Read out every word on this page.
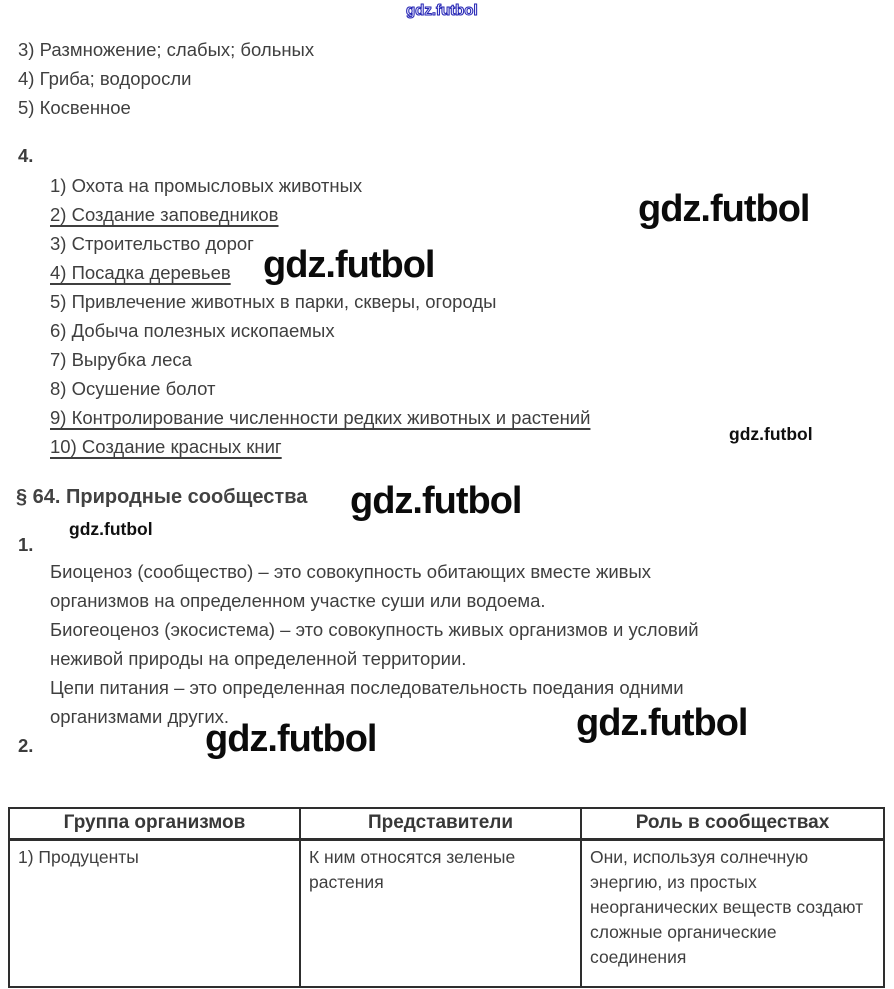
gdz.futbol
3) Размножение; слабых; больных
4) Гриба; водоросли
5) Косвенное
4.
1) Охота на промысловых животных
2) Создание заповедников
3) Строительство дорог
4) Посадка деревьев
5) Привлечение животных в парки, скверы, огороды
6) Добыча полезных ископаемых
7) Вырубка леса
8) Осушение болот
9) Контролирование численности редких животных и растений
10) Создание красных книг
gdz.futbol
gdz.futbol
gdz.futbol
§ 64. Природные сообщества gdz.futbol
gdz.futbol
1.
Биоценоз (сообщество) – это совокупность обитающих вместе живых
организмов на определенном участке суши или водоема.
Биогеоценоз (экосистема) – это совокупность живых организмов и условий
неживой природы на определенной территории.
Цепи питания – это определенная последовательность поедания одними
организмами других.
2.	gdz.futbol	gdz.futbol
Группа организмов	Представители	Роль в сообществах
1) Продуценты	К ним относятся зеленые растения	Они, используя солнечную энергию, из простых неорганических веществ создают сложные органические соединения
